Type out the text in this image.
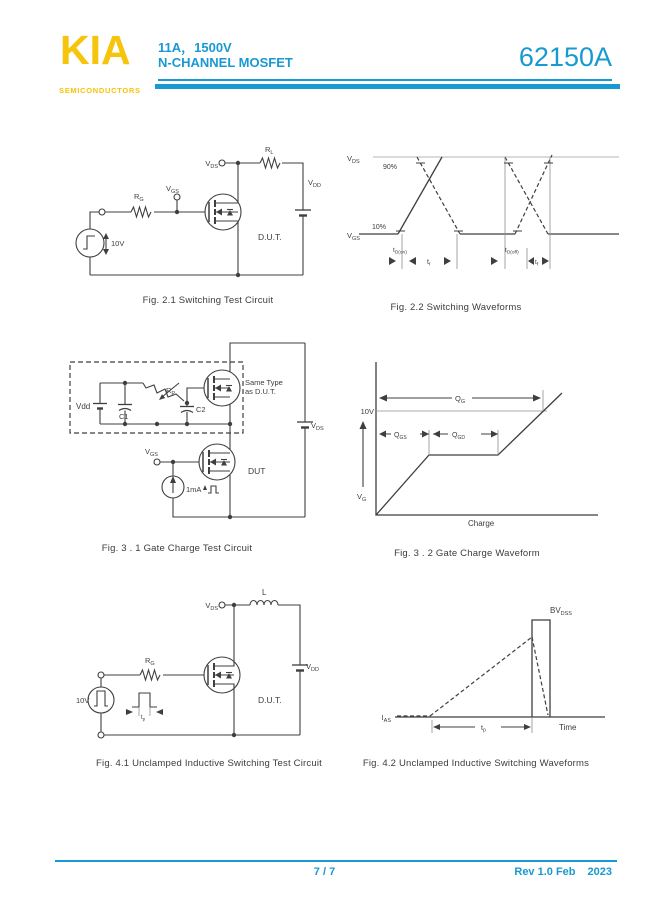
KIA
SEMICONDUCTORS
11A，1500V
N-CHANNEL MOSFET	62150A
$V_{DS}$
$R_L$
$V_{DD}$
$V_{GS}$
$R_G$
D.U.T.
10V
Fig. 2.1 Switching Test Circuit
$V_{DS}$
90%
$V_{GS}$
10%
$t_{D(on)}$
$t_r$
$t_{D(off)}$
$t_f$
Fig. 2.2 Switching Waveforms
Vdd
C1
$R_P$
C2
Same Type
as D.U.T.
$V_{DS}$
$V_{GS}$
DUT
1mA
Fig. 3 . 1 Gate Charge Test Circuit
10V
$Q_G$
$Q_{GS}$	$Q_{GD}$
$V_G$
Charge
Fig. 3 . 2 Gate Charge Waveform
10V
$R_G$
$t_p$
$V_{DS}$
L
$V_{DD}$
D.U.T.
Fig. 4.1 Unclamped Inductive Switching Test Circuit
$BV_{DSS}$
$I_{AS}$
$t_p$	Time
Fig. 4.2 Unclamped Inductive Switching Waveforms
7 / 7	Rev 1.0 Feb 2023
